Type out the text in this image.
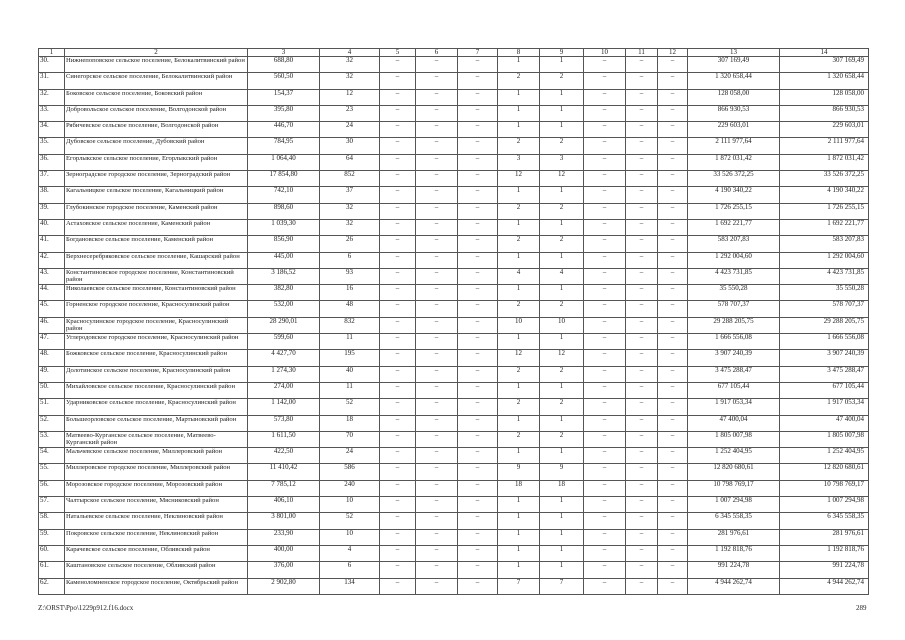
1	2	3	4	5	6	7	8	9	10	11	12	13	14
30.	Нижнепоповское сельское поселение, Белокалитвинский район	688,80	32	–	–	–	1	1	–	–	–	307 169,49	307 169,49
31.	Синегорское сельское поселение, Белокалитвинский район	560,50	32	–	–	–	2	2	–	–	–	1 320 658,44	1 320 658,44
32.	Боковское сельское поселение, Боковский район	154,37	12	–	–	–	1	1	–	–	–	128 058,00	128 058,00
33.	Добровольское сельское поселение, Волгодонской район	395,80	23	–	–	–	1	1	–	–	–	866 930,53	866 930,53
34.	Рябичевское сельское поселение, Волгодонской район	446,70	24	–	–	–	1	1	–	–	–	229 603,01	229 603,01
35.	Дубовское сельское поселение, Дубовский район	784,95	30	–	–	–	2	2	–	–	–	2 111 977,64	2 111 977,64
36.	Егорлыкское сельское поселение, Егорлыкский район	1 064,40	64	–	–	–	3	3	–	–	–	1 872 031,42	1 872 031,42
37.	Зерноградское городское поселение, Зерноградский район	17 854,80	852	–	–	–	12	12	–	–	–	33 526 372,25	33 526 372,25
38.	Кагальницкое сельское поселение, Кагальницкий район	742,10	37	–	–	–	1	1	–	–	–	4 190 340,22	4 190 340,22
39.	Глубокинское городское поселение, Каменский район	898,60	32	–	–	–	2	2	–	–	–	1 726 255,15	1 726 255,15
40.	Астаховское сельское поселение, Каменский район	1 039,30	32	–	–	–	1	1	–	–	–	1 692 221,77	1 692 221,77
41.	Богдановское сельское поселение, Каменский район	856,90	26	–	–	–	2	2	–	–	–	583 207,83	583 207,83
42.	Верхнесеребряковское сельское поселение, Кашарский район	445,00	6	–	–	–	1	1	–	–	–	1 292 004,60	1 292 004,60
43.	Константиновское городское поселение, Константиновский район	3 186,52	93	–	–	–	4	4	–	–	–	4 423 731,85	4 423 731,85
44.	Николаевское сельское поселение, Константиновский район	382,80	16	–	–	–	1	1	–	–	–	35 550,28	35 550,28
45.	Горненское городское поселение, Красносулинский район	532,00	48	–	–	–	2	2	–	–	–	578 707,37	578 707,37
46.	Красносулинское городское поселение, Красносулинский район	28 290,01	832	–	–	–	10	10	–	–	–	29 288 205,75	29 288 205,75
47.	Углеродовское городское поселение, Красносулинский район	599,60	11	–	–	–	1	1	–	–	–	1 666 556,08	1 666 556,08
48.	Божковское сельское поселение, Красносулинский район	4 427,70	195	–	–	–	12	12	–	–	–	3 907 240,39	3 907 240,39
49.	Долотинское сельское поселение, Красносулинский район	1 274,30	40	–	–	–	2	2	–	–	–	3 475 288,47	3 475 288,47
50.	Михайловское сельское поселение, Красносулинский район	274,00	11	–	–	–	1	1	–	–	–	677 105,44	677 105,44
51.	Ударниковское сельское поселение, Красносулинский район	1 142,00	52	–	–	–	2	2	–	–	–	1 917 053,34	1 917 053,34
52.	Большеорловское сельское поселение, Мартыновский район	573,80	18	–	–	–	1	1	–	–	–	47 400,04	47 400,04
53.	Матвеево-Курганское сельское поселение, Матвеево-Курганский район	1 611,50	70	–	–	–	2	2	–	–	–	1 805 007,98	1 805 007,98
54.	Мальчевское сельское поселение, Миллеровский район	422,50	24	–	–	–	1	1	–	–	–	1 252 404,95	1 252 404,95
55.	Миллеровское городское поселение, Миллеровский район	11 410,42	586	–	–	–	9	9	–	–	–	12 820 680,61	12 820 680,61
56.	Морозовское городское поселение, Морозовский район	7 785,12	240	–	–	–	18	18	–	–	–	10 798 769,17	10 798 769,17
57.	Чалтырское сельское поселение, Мясниковский район	406,10	10	–	–	–	1	1	–	–	–	1 007 294,98	1 007 294,98
58.	Натальевское сельское поселение, Неклиновский район	3 801,00	52	–	–	–	1	1	–	–	–	6 345 558,35	6 345 558,35
59.	Покровское сельское поселение, Неклиновский район	233,90	10	–	–	–	1	1	–	–	–	281 976,61	281 976,61
60.	Карачевское сельское поселение, Обливский район	400,00	4	–	–	–	1	1	–	–	–	1 192 818,76	1 192 818,76
61.	Каштановское сельское поселение, Обливский район	376,00	6	–	–	–	1	1	–	–	–	991 224,78	991 224,78
62.	Каменоломненское городское поселение, Октябрьский район	2 902,80	134	–	–	–	7	7	–	–	–	4 944 262,74	4 944 262,74
Z:\ORST\Ppo\1229p912.f16.docx	289
